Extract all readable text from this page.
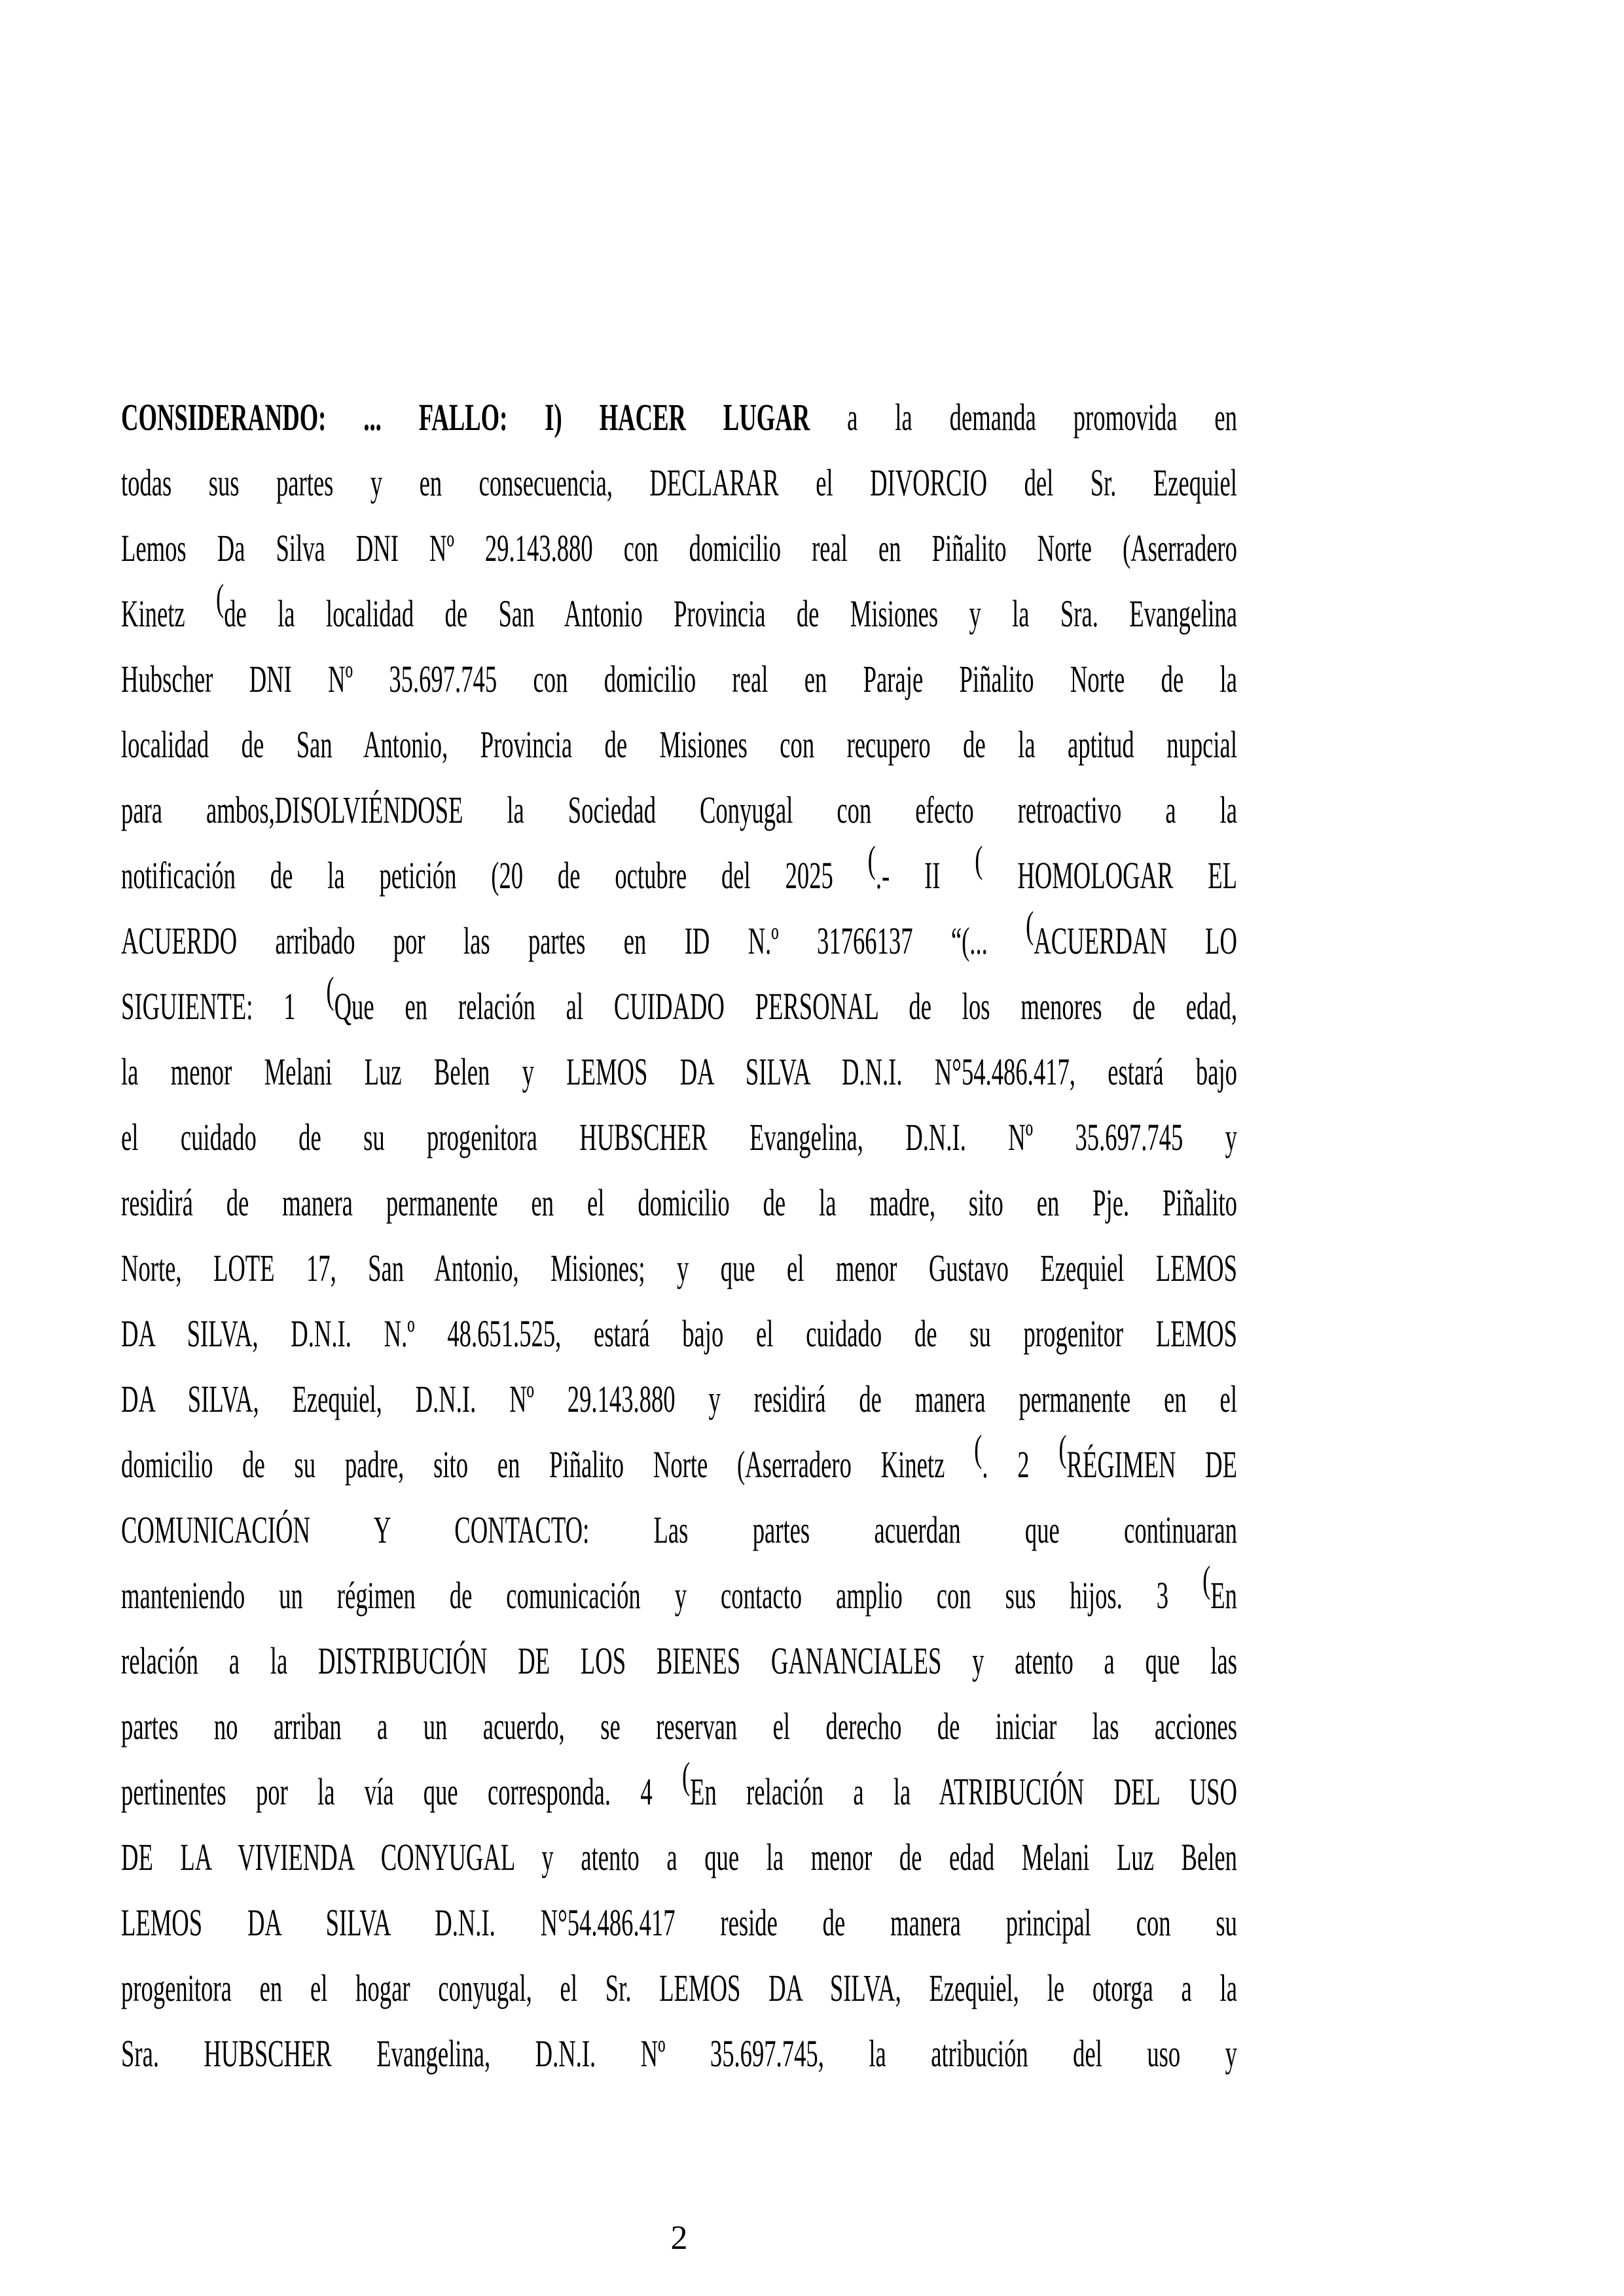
CONSIDERANDO: ... FALLO: I) HACER LUGAR a la demanda promovida en
todas sus partes y en consecuencia, DECLARAR el DIVORCIO del Sr. Ezequiel
Lemos Da Silva DNI Nº 29.143.880 con domicilio real en Piñalito Norte (Aserradero
Kinetz (de la localidad de San Antonio Provincia de Misiones y la Sra. Evangelina
Hubscher DNI Nº 35.697.745 con domicilio real en Paraje Piñalito Norte de la
localidad de San Antonio, Provincia de Misiones con recupero de la aptitud nupcial
para ambos,DISOLVIÉNDOSE la Sociedad Conyugal con efecto retroactivo a la
notificación de la petición (20 de octubre del 2025 (.- II ( HOMOLOGAR EL
ACUERDO arribado por las partes en ID N.º 31766137 “(... (ACUERDAN LO
SIGUIENTE: 1 (Que en relación al CUIDADO PERSONAL de los menores de edad,
la menor Melani Luz Belen y LEMOS DA SILVA D.N.I. N°54.486.417, estará bajo
el cuidado de su progenitora HUBSCHER Evangelina, D.N.I. Nº 35.697.745 y
residirá de manera permanente en el domicilio de la madre, sito en Pje. Piñalito
Norte, LOTE 17, San Antonio, Misiones; y que el menor Gustavo Ezequiel LEMOS
DA SILVA, D.N.I. N.º 48.651.525, estará bajo el cuidado de su progenitor LEMOS
DA SILVA, Ezequiel, D.N.I. Nº 29.143.880 y residirá de manera permanente en el
domicilio de su padre, sito en Piñalito Norte (Aserradero Kinetz (. 2 (RÉGIMEN DE
COMUNICACIÓN Y CONTACTO: Las partes acuerdan que continuaran
manteniendo un régimen de comunicación y contacto amplio con sus hijos. 3 (En
relación a la DISTRIBUCIÓN DE LOS BIENES GANANCIALES y atento a que las
partes no arriban a un acuerdo, se reservan el derecho de iniciar las acciones
pertinentes por la vía que corresponda. 4 (En relación a la ATRIBUCIÓN DEL USO
DE LA VIVIENDA CONYUGAL y atento a que la menor de edad Melani Luz Belen
LEMOS DA SILVA D.N.I. N°54.486.417 reside de manera principal con su
progenitora en el hogar conyugal, el Sr. LEMOS DA SILVA, Ezequiel, le otorga a la
Sra. HUBSCHER Evangelina, D.N.I. Nº 35.697.745, la atribución del uso y
2
